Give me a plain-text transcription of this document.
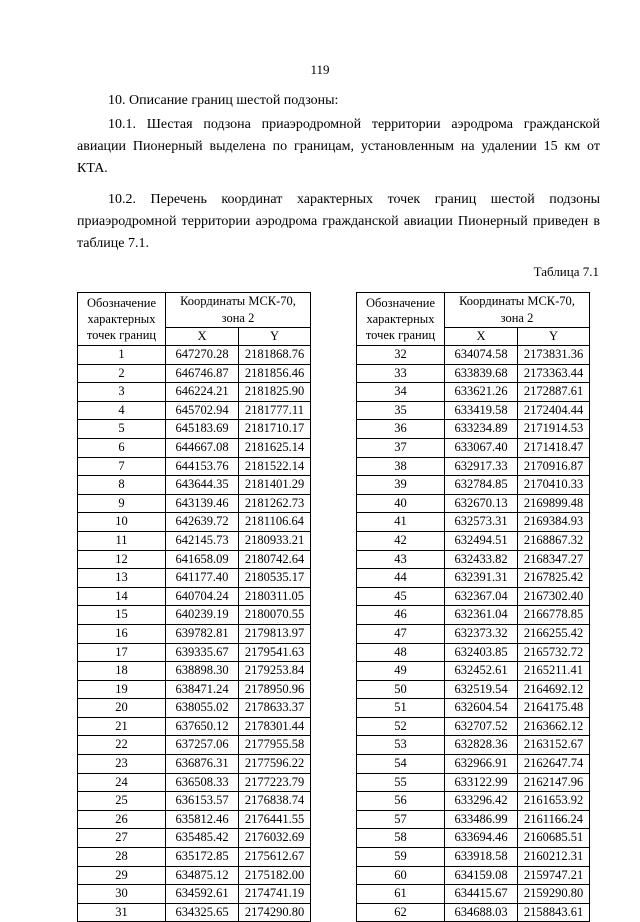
119

10. Описание границ шестой подзоны:

10.1. Шестая подзона приаэродромной территории аэродрома гражданской авиации Пионерный выделена по границам, установленным на удалении 15 км от КТА.

10.2. Перечень координат характерных точек границ шестой подзоны приаэродромной территории аэродрома гражданской авиации Пионерный приведен в таблице 7.1.

Таблица 7.1
Обозначение характерных точек границ	Координаты МСК-70, зона 2	
	X	Y
1	647270.28	2181868.76
2	646746.87	2181856.46
3	646224.21	2181825.90
4	645702.94	2181777.11
5	645183.69	2181710.17
6	644667.08	2181625.14
7	644153.76	2181522.14
8	643644.35	2181401.29
9	643139.46	2181262.73
10	642639.72	2181106.64
11	642145.73	2180933.21
12	641658.09	2180742.64
13	641177.40	2180535.17
14	640704.24	2180311.05
15	640239.19	2180070.55
16	639782.81	2179813.97
17	639335.67	2179541.63
18	638898.30	2179253.84
19	638471.24	2178950.96
20	638055.02	2178633.37
21	637650.12	2178301.44
22	637257.06	2177955.58
23	636876.31	2177596.22
24	636508.33	2177223.79
25	636153.57	2176838.74
26	635812.46	2176441.55
27	635485.42	2176032.69
28	635172.85	2175612.67
29	634875.12	2175182.00
30	634592.61	2174741.19
31	634325.65	2174290.80
Обозначение характерных точек границ	Координаты МСК-70, зона 2	
	X	Y
32	634074.58	2173831.36
33	633839.68	2173363.44
34	633621.26	2172887.61
35	633419.58	2172404.44
36	633234.89	2171914.53
37	633067.40	2171418.47
38	632917.33	2170916.87
39	632784.85	2170410.33
40	632670.13	2169899.48
41	632573.31	2169384.93
42	632494.51	2168867.32
43	632433.82	2168347.27
44	632391.31	2167825.42
45	632367.04	2167302.40
46	632361.04	2166778.85
47	632373.32	2166255.42
48	632403.85	2165732.72
49	632452.61	2165211.41
50	632519.54	2164692.12
51	632604.54	2164175.48
52	632707.52	2163662.12
53	632828.36	2163152.67
54	632966.91	2162647.74
55	633122.99	2162147.96
56	633296.42	2161653.92
57	633486.99	2161166.24
58	633694.46	2160685.51
59	633918.58	2160212.31
60	634159.08	2159747.21
61	634415.67	2159290.80
62	634688.03	2158843.61
